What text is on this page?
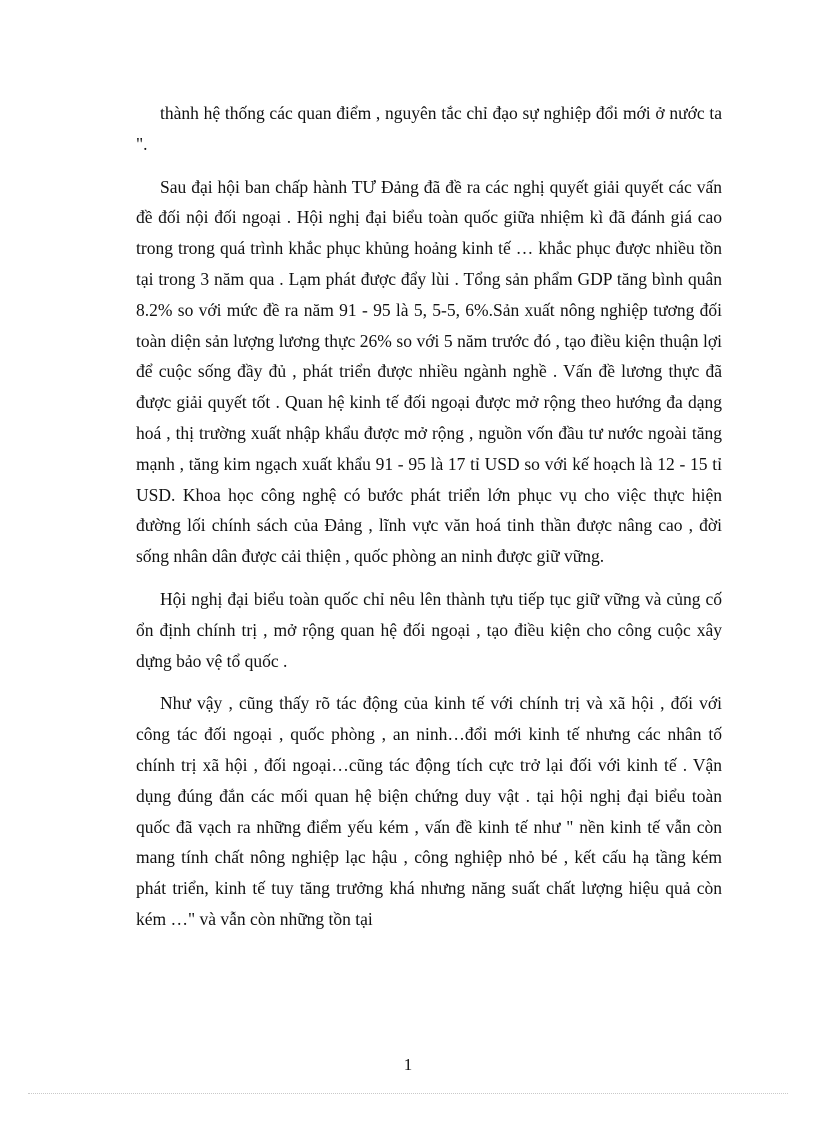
thành hệ thống các quan điểm , nguyên tắc chỉ đạo sự nghiệp đổi mới ở nước ta ".

Sau đại hội ban chấp hành TƯ Đảng đã đề ra các nghị quyết giải quyết các vấn đề đối nội đối ngoại . Hội nghị đại biểu toàn quốc giữa nhiệm kì đã đánh giá cao trong trong quá trình khắc phục khủng hoảng kinh tế … khắc phục được nhiều tồn tại trong 3 năm qua . Lạm phát được đẩy lùi . Tổng sản phẩm GDP tăng bình quân 8.2% so với mức đề ra năm 91 - 95 là 5, 5-5, 6%.Sản xuất nông nghiệp tương đối toàn diện sản lượng lương thực 26% so với 5 năm trước đó , tạo điều kiện thuận lợi để cuộc sống đầy đủ , phát triển được nhiều ngành nghề . Vấn đề lương thực đã được giải quyết tốt . Quan hệ kinh tế đối ngoại được mở rộng theo hướng đa dạng hoá , thị trường xuất nhập khẩu được mở rộng , nguồn vốn đầu tư nước ngoài tăng mạnh , tăng kim ngạch xuất khẩu 91 - 95 là 17 tỉ USD so với kế hoạch là 12 - 15 tỉ USD. Khoa học công nghệ có bước phát triển lớn phục vụ cho việc thực hiện đường lối chính sách của Đảng , lĩnh vực văn hoá tinh thần được nâng cao , đời sống nhân dân được cải thiện , quốc phòng an ninh được giữ vững.

Hội nghị đại biểu toàn quốc chỉ nêu lên thành tựu tiếp tục giữ vững và củng cố ổn định chính trị , mở rộng quan hệ đối ngoại , tạo điều kiện cho công cuộc xây dựng bảo vệ tổ quốc .

Như vậy , cũng thấy rõ tác động của kinh tế với chính trị và xã hội , đối với công tác đối ngoại , quốc phòng , an ninh…đổi mới kinh tế nhưng các nhân tố chính trị xã hội , đối ngoại…cũng tác động tích cực trở lại đối với kinh tế . Vận dụng đúng đắn các mối quan hệ biện chứng duy vật . tại hội nghị đại biểu toàn quốc đã vạch ra những điểm yếu kém , vấn đề kinh tế như " nền kinh tế vẫn còn mang tính chất nông nghiệp lạc hậu , công nghiệp nhỏ bé , kết cấu hạ tầng kém phát triển, kinh tế tuy tăng trưởng khá nhưng năng suất chất lượng hiệu quả còn kém …" và vẫn còn những tồn tại

1
